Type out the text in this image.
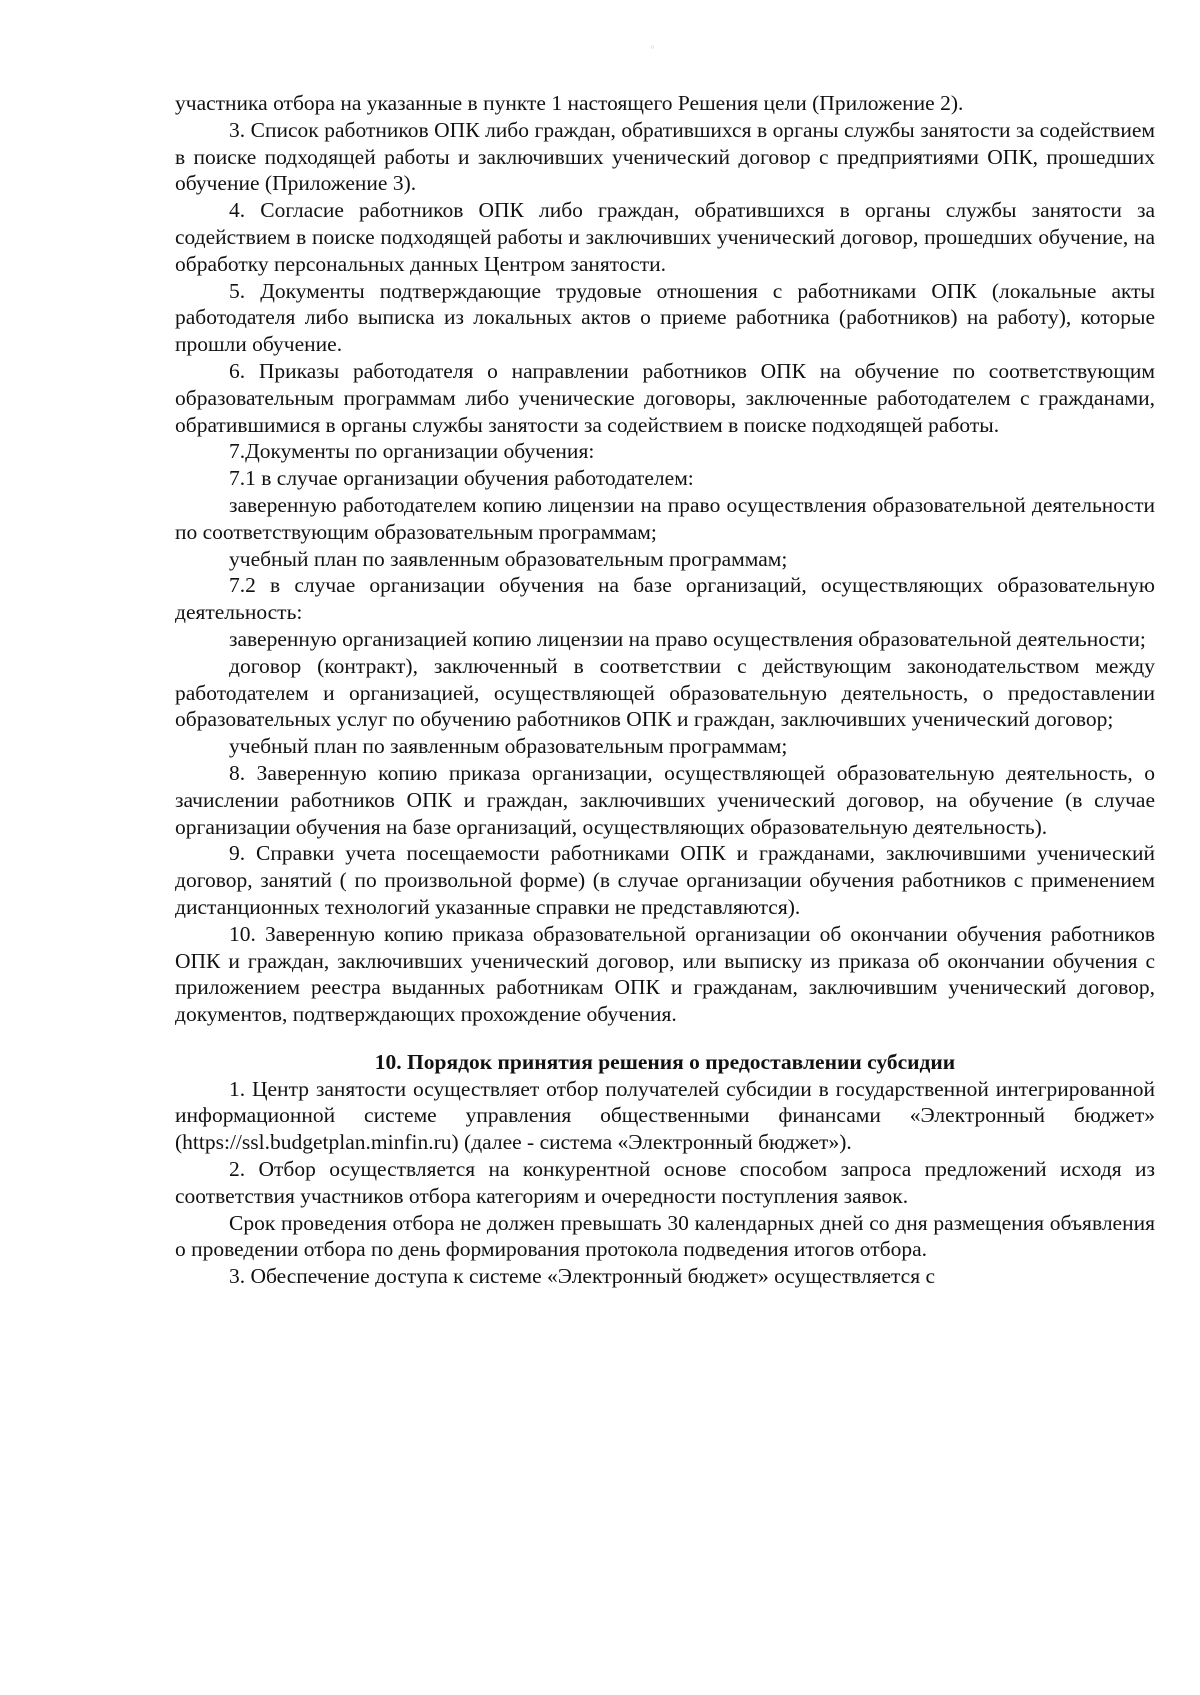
°

участника отбора на указанные в пункте 1 настоящего Решения цели (Приложение 2).

3. Список работников ОПК либо граждан, обратившихся в органы службы занятости за содействием в поиске подходящей работы и заключивших ученический договор с предприятиями ОПК, прошедших обучение (Приложение 3).

4. Согласие работников ОПК либо граждан, обратившихся в органы службы занятости за содействием в поиске подходящей работы и заключивших ученический договор, прошедших обучение, на обработку персональных данных Центром занятости.

5. Документы подтверждающие трудовые отношения с работниками ОПК (локальные акты работодателя либо выписка из локальных актов о приеме работника (работников) на работу), которые прошли обучение.

6. Приказы работодателя о направлении работников ОПК на обучение по соответствующим образовательным программам либо ученические договоры, заключенные работодателем с гражданами, обратившимися в органы службы занятости за содействием в поиске подходящей работы.

7.Документы по организации обучения:

7.1 в случае организации обучения работодателем:

заверенную работодателем копию лицензии на право осуществления образовательной деятельности по соответствующим образовательным программам;

учебный план по заявленным образовательным программам;

7.2 в случае организации обучения на базе организаций, осуществляющих образовательную деятельность:

заверенную организацией копию лицензии на право осуществления образовательной деятельности;

договор (контракт), заключенный в соответствии с действующим законодательством между работодателем и организацией, осуществляющей образовательную деятельность, о предоставлении образовательных услуг по обучению работников ОПК и граждан, заключивших ученический договор;

учебный план по заявленным образовательным программам;

8. Заверенную копию приказа организации, осуществляющей образовательную деятельность, о зачислении работников ОПК и граждан, заключивших ученический договор, на обучение (в случае организации обучения на базе организаций, осуществляющих образовательную деятельность).

9. Справки учета посещаемости работниками ОПК и гражданами, заключившими ученический договор, занятий ( по произвольной форме) (в случае организации обучения работников с применением дистанционных технологий указанные справки не представляются).

10. Заверенную копию приказа образовательной организации об окончании обучения работников ОПК и граждан, заключивших ученический договор, или выписку из приказа об окончании обучения с приложением реестра выданных работникам ОПК и гражданам, заключившим ученический договор, документов, подтверждающих прохождение обучения.

10. Порядок принятия решения о предоставлении субсидии

1. Центр занятости осуществляет отбор получателей субсидии в государственной интегрированной информационной системе управления общественными финансами «Электронный бюджет» (https://ssl.budgetplan.minfin.ru) (далее - система «Электронный бюджет»).

2. Отбор осуществляется на конкурентной основе способом запроса предложений исходя из соответствия участников отбора категориям и очередности поступления заявок.

Срок проведения отбора не должен превышать 30 календарных дней со дня размещения объявления о проведении отбора по день формирования протокола подведения итогов отбора.

3. Обеспечение доступа к системе «Электронный бюджет» осуществляется с
